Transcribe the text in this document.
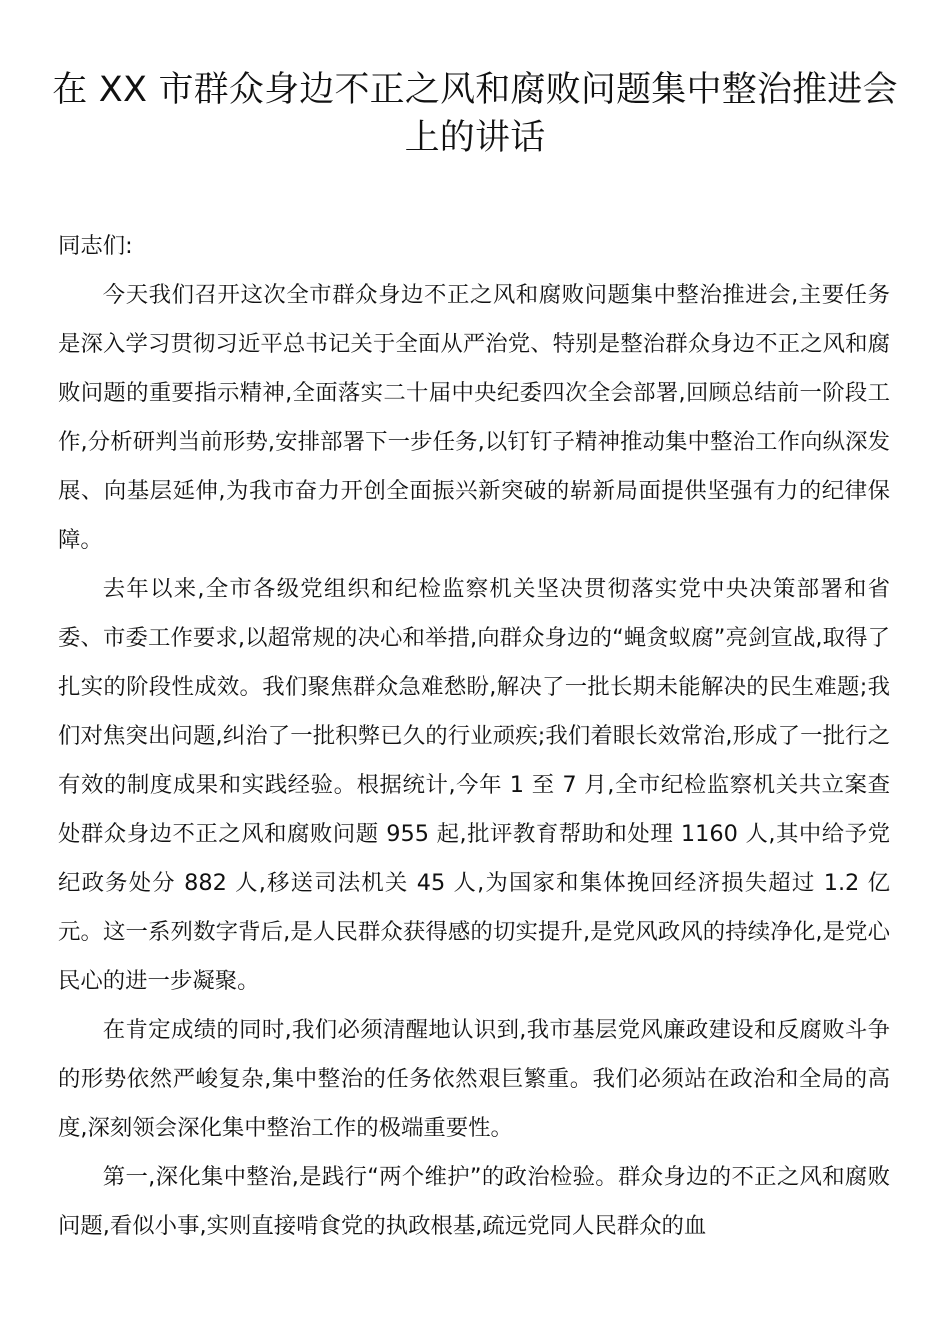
在 XX 市群众身边不正之风和腐败问题集中整治推进会上的讲话

同志们:

今天我们召开这次全市群众身边不正之风和腐败问题集中整治推进会,主要任务是深入学习贯彻习近平总书记关于全面从严治党、特别是整治群众身边不正之风和腐败问题的重要指示精神,全面落实二十届中央纪委四次全会部署,回顾总结前一阶段工作,分析研判当前形势,安排部署下一步任务,以钉钉子精神推动集中整治工作向纵深发展、向基层延伸,为我市奋力开创全面振兴新突破的崭新局面提供坚强有力的纪律保障。

去年以来,全市各级党组织和纪检监察机关坚决贯彻落实党中央决策部署和省委、市委工作要求,以超常规的决心和举措,向群众身边的“蝇贪蚁腐”亮剑宣战,取得了扎实的阶段性成效。我们聚焦群众急难愁盼,解决了一批长期未能解决的民生难题;我们对焦突出问题,纠治了一批积弊已久的行业顽疾;我们着眼长效常治,形成了一批行之有效的制度成果和实践经验。根据统计,今年 1 至 7 月,全市纪检监察机关共立案查处群众身边不正之风和腐败问题 955 起,批评教育帮助和处理 1160 人,其中给予党纪政务处分 882 人,移送司法机关 45 人,为国家和集体挽回经济损失超过 1.2 亿元。这一系列数字背后,是人民群众获得感的切实提升,是党风政风的持续净化,是党心民心的进一步凝聚。

在肯定成绩的同时,我们必须清醒地认识到,我市基层党风廉政建设和反腐败斗争的形势依然严峻复杂,集中整治的任务依然艰巨繁重。我们必须站在政治和全局的高度,深刻领会深化集中整治工作的极端重要性。

第一,深化集中整治,是践行“两个维护”的政治检验。群众身边的不正之风和腐败问题,看似小事,实则直接啃食党的执政根基,疏远党同人民群众的血
